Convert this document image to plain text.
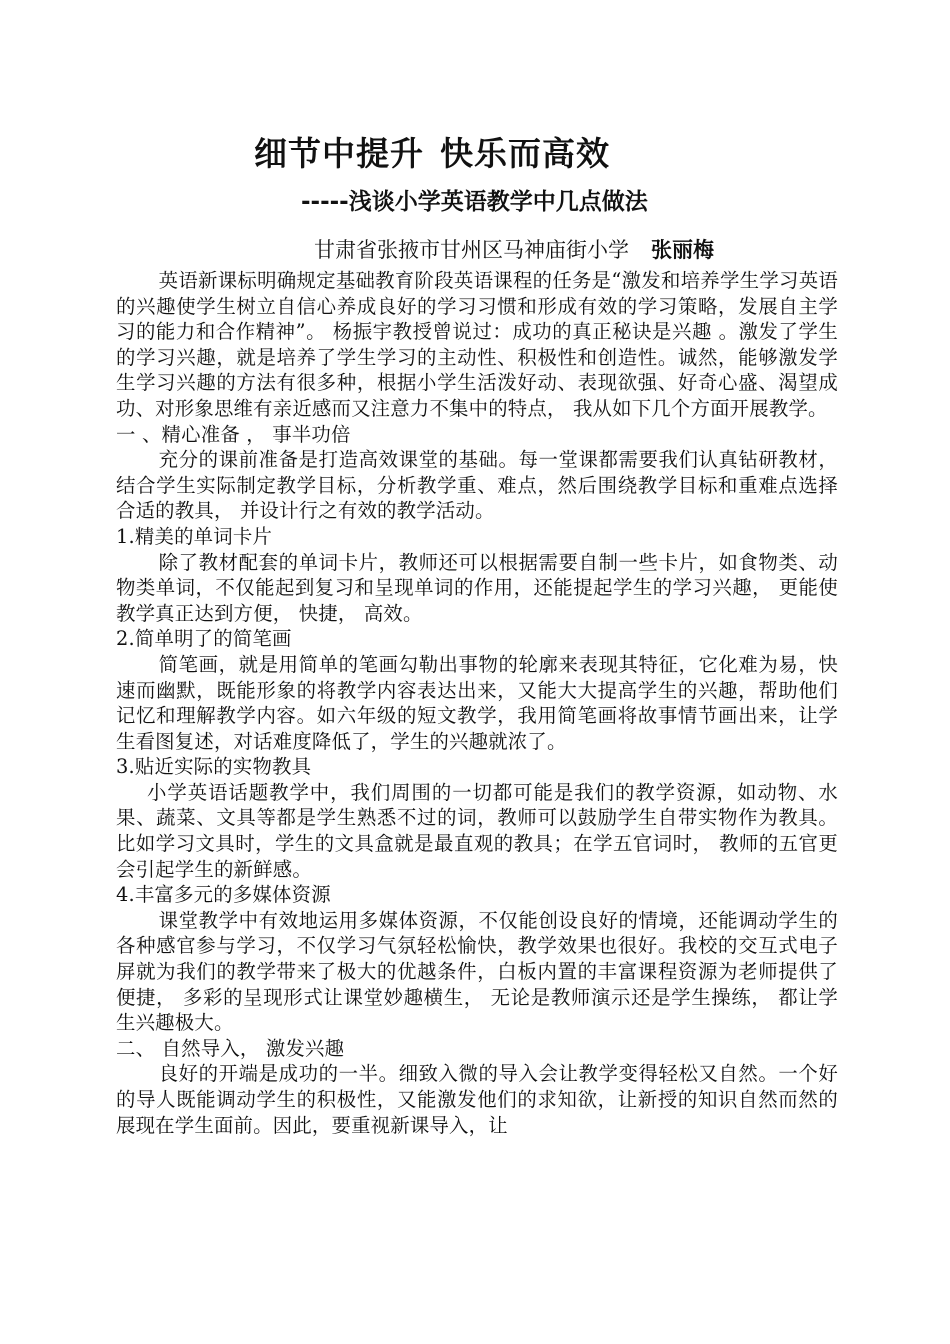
细节中提升 快乐而高效
-----浅谈小学英语教学中几点做法
甘肃省张掖市甘州区马神庙街小学 张丽梅

英语新课标明确规定基础教育阶段英语课程的任务是“激发和培养学生学习英语的兴趣使学生树立自信心养成良好的学习习惯和形成有效的学习策略，发展自主学习的能力和合作精神”。 杨振宇教授曾说过：成功的真正秘诀是兴趣 。激发了学生的学习兴趣，就是培养了学生学习的主动性、积极性和创造性。诚然，能够激发学生学习兴趣的方法有很多种，根据小学生活泼好动、表现欲强、好奇心盛、渴望成功、对形象思维有亲近感而又注意力不集中的特点， 我从如下几个方面开展教学。

一 、精心准备 ， 事半功倍

充分的课前准备是打造高效课堂的基础。每一堂课都需要我们认真钻研教材，结合学生实际制定教学目标，分析教学重、难点，然后围绕教学目标和重难点选择合适的教具， 并设计行之有效的教学活动。

1.精美的单词卡片

除了教材配套的单词卡片，教师还可以根据需要自制一些卡片，如食物类、动物类单词，不仅能起到复习和呈现单词的作用，还能提起学生的学习兴趣， 更能使教学真正达到方便， 快捷， 高效。

2.简单明了的简笔画

简笔画，就是用简单的笔画勾勒出事物的轮廓来表现其特征，它化难为易，快速而幽默，既能形象的将教学内容表达出来，又能大大提高学生的兴趣，帮助他们记忆和理解教学内容。如六年级的短文教学，我用简笔画将故事情节画出来，让学生看图复述，对话难度降低了，学生的兴趣就浓了。

3.贴近实际的实物教具

小学英语话题教学中，我们周围的一切都可能是我们的教学资源，如动物、水果、蔬菜、文具等都是学生熟悉不过的词，教师可以鼓励学生自带实物作为教具。比如学习文具时，学生的文具盒就是最直观的教具；在学五官词时， 教师的五官更会引起学生的新鲜感。

4.丰富多元的多媒体资源

课堂教学中有效地运用多媒体资源，不仅能创设良好的情境，还能调动学生的各种感官参与学习，不仅学习气氛轻松愉快，教学效果也很好。我校的交互式电子屏就为我们的教学带来了极大的优越条件，白板内置的丰富课程资源为老师提供了便捷， 多彩的呈现形式让课堂妙趣横生， 无论是教师演示还是学生操练， 都让学生兴趣极大。

二、 自然导入， 激发兴趣

良好的开端是成功的一半。细致入微的导入会让教学变得轻松又自然。一个好的导人既能调动学生的积极性，又能激发他们的求知欲，让新授的知识自然而然的展现在学生面前。因此，要重视新课导入，让
